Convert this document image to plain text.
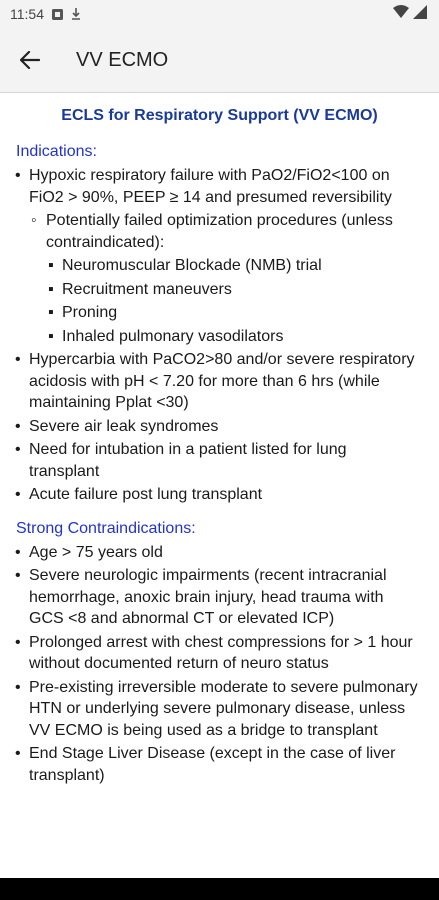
11:54
VV ECMO
ECLS for Respiratory Support (VV ECMO)
Indications:
• Hypoxic respiratory failure with PaO2/FiO2<100 on FiO2 > 90%, PEEP ≥ 14 and presumed reversibility
◦ Potentially failed optimization procedures (unless contraindicated):
▪ Neuromuscular Blockade (NMB) trial
▪ Recruitment maneuvers
▪ Proning
▪ Inhaled pulmonary vasodilators
• Hypercarbia with PaCO2>80 and/or severe respiratory acidosis with pH < 7.20 for more than 6 hrs (while maintaining Pplat <30)
• Severe air leak syndromes
• Need for intubation in a patient listed for lung transplant
• Acute failure post lung transplant
Strong Contraindications:
• Age > 75 years old
• Severe neurologic impairments (recent intracranial hemorrhage, anoxic brain injury, head trauma with GCS <8 and abnormal CT or elevated ICP)
• Prolonged arrest with chest compressions for > 1 hour without documented return of neuro status
• Pre-existing irreversible moderate to severe pulmonary HTN or underlying severe pulmonary disease, unless VV ECMO is being used as a bridge to transplant
• End Stage Liver Disease (except in the case of liver transplant)
